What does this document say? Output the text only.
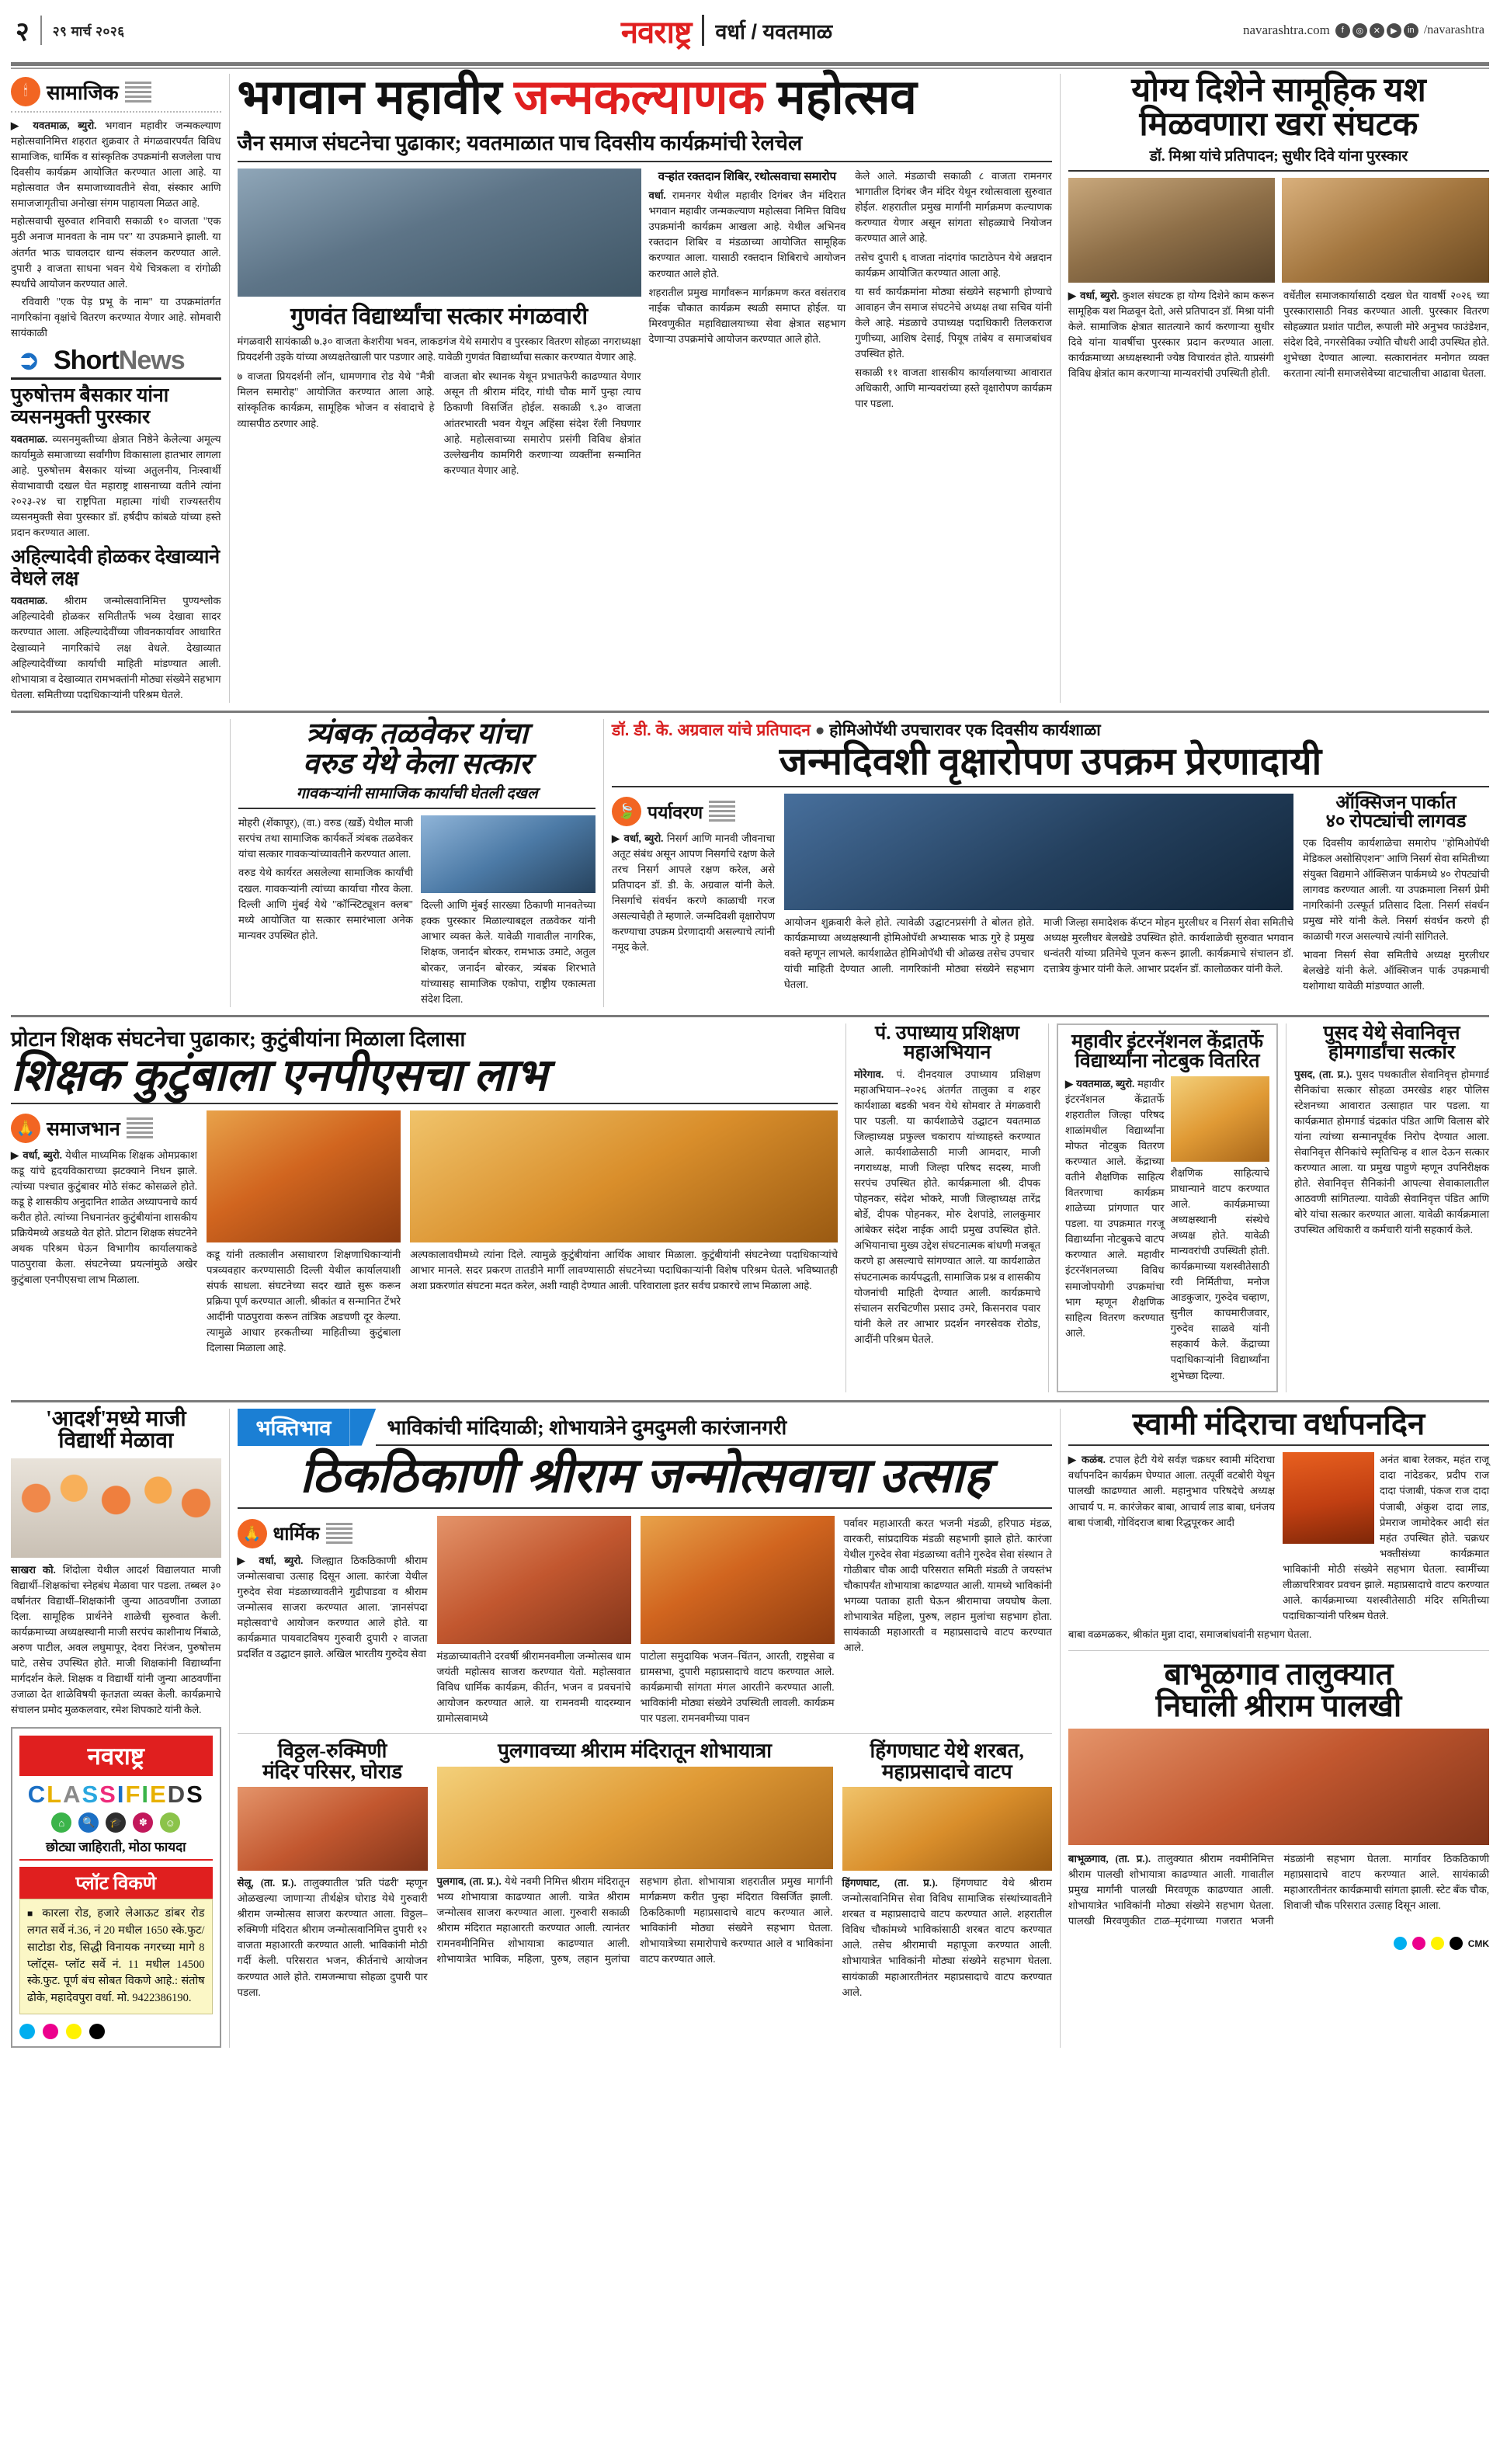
२ २९ मार्च २०२६	नवराष्ट्र वर्धा / यवतमाळ	navarashtra.com	f	◎	✕	▶	in /navarashtra
🕯 सामाजिक

▶ यवतमाळ, ब्युरो. भगवान महावीर जन्मकल्याण महोत्सवानिमित्त शहरात शुक्रवार ते मंगळवारपर्यंत विविध सामाजिक, धार्मिक व सांस्कृतिक उपक्रमांनी सजलेला पाच दिवसीय कार्यक्रम आयोजित करण्यात आला आहे. या महोत्सवात जैन समाजाच्यावतीने सेवा, संस्कार आणि समाजजागृतीचा अनोखा संगम पाहायला मिळत आहे.

महोत्सवाची सुरुवात शनिवारी सकाळी १० वाजता "एक मुठी अनाज मानवता के नाम पर" या उपक्रमाने झाली. या अंतर्गत भाऊ चावलदार धान्य संकलन करण्यात आले. दुपारी ३ वाजता साधना भवन येथे चित्रकला व रांगोळी स्पर्धांचे आयोजन करण्यात आले.

रविवारी "एक पेड़ प्रभू के नाम" या उपक्रमांतर्गत नागरिकांना वृक्षांचे वितरण करण्यात येणार आहे. सोमवारी सायंकाळी

➲ ShortNews
पुरुषोत्तम बैसकार यांना व्यसनमुक्ती पुरस्कार

यवतमाळ. व्यसनमुक्तीच्या क्षेत्रात निष्ठेने केलेल्या अमूल्य कार्यामुळे समाजाच्या सर्वांगीण विकासाला हातभार लागला आहे. पुरुषोत्तम बैसकार यांच्या अतुलनीय, निःस्वार्थी सेवाभावाची दखल घेत महाराष्ट्र शासनाच्या वतीने त्यांना २०२३-२४ चा राष्ट्रपिता महात्मा गांधी राज्यस्तरीय व्यसनमुक्ती सेवा पुरस्कार डॉ. हर्षदीप कांबळे यांच्या हस्ते प्रदान करण्यात आला.

अहिल्यादेवी होळकर देखाव्याने वेधले लक्ष

यवतमाळ. श्रीराम जन्मोत्सवानिमित्त पुण्यश्लोक अहिल्यादेवी होळकर समितीतर्फे भव्य देखावा सादर करण्यात आला. अहिल्यादेवींच्या जीवनकार्यावर आधारित देखाव्याने नागरिकांचे लक्ष वेधले. देखाव्यात अहिल्यादेवींच्या कार्याची माहिती मांडण्यात आली. शोभायात्रा व देखाव्यात रामभक्तांनी मोठ्या संख्येने सहभाग घेतला. समितीच्या पदाधिकाऱ्यांनी परिश्रम घेतले.

भगवान महावीर जन्मकल्याणक महोत्सव
जैन समाज संघटनेचा पुढाकार; यवतमाळात पाच दिवसीय कार्यक्रमांची रेलचेल
गुणवंत विद्यार्थ्यांचा सत्कार मंगळवारी

मंगळवारी सायंकाळी ७.३० वाजता केशरीया भवन, लाकडगंज येथे समारोप व पुरस्कार वितरण सोहळा नगराध्यक्षा प्रियदर्शनी उइके यांच्या अध्यक्षतेखाली पार पडणार आहे. यावेळी गुणवंत विद्यार्थ्यांचा सत्कार करण्यात येणार आहे.

७ वाजता प्रियदर्शनी लॉन, धामणगाव रोड येथे "मैत्री मिलन समारोह" आयोजित करण्यात आला आहे. सांस्कृतिक कार्यक्रम, सामूहिक भोजन व संवादाचे हे व्यासपीठ ठरणार आहे.

वाजता बोर स्थानक येथून प्रभातफेरी काढण्यात येणार असून ती श्रीराम मंदिर, गांधी चौक मार्गे पुन्हा त्याच ठिकाणी विसर्जित होईल. सकाळी ९.३० वाजता आंतरभारती भवन येथून अहिंसा संदेश रॅली निघणार आहे. महोत्सवाच्या समारोप प्रसंगी विविध क्षेत्रांत उल्लेखनीय कामगिरी करणाऱ्या व्यक्तींना सन्मानित करण्यात येणार आहे.

वऱ्हांत रक्तदान शिबिर, रथोत्सवाचा समारोप

वर्धा. रामनगर येथील महावीर दिगंबर जैन मंदिरात भगवान महावीर जन्मकल्याण महोत्सवा निमित्त विविध उपक्रमांनी कार्यक्रम आखला आहे. येथील अभिनव रक्तदान शिबिर व मंडळाच्या आयोजित सामूहिक करण्यात आला. यासाठी रक्तदान शिबिराचे आयोजन करण्यात आले होते.

शहरातील प्रमुख मार्गांवरून मार्गक्रमण करत वसंतराव नाईक चौकात कार्यक्रम स्थळी समाप्त होईल. या मिरवणुकीत महाविद्यालयाच्या सेवा क्षेत्रात सहभाग देणाऱ्या उपक्रमांचे आयोजन करण्यात आले होते.

केले आले. मंडळाची सकाळी ८ वाजता रामनगर भागातील दिगंबर जैन मंदिर येथून रथोत्सवाला सुरुवात होईल. शहरातील प्रमुख मार्गांनी मार्गक्रमण कल्याणक करण्यात येणार असून सांगता सोहळ्याचे नियोजन करण्यात आले आहे.

तसेच दुपारी ६ वाजता नांदगांव फाटाठेपन येथे अन्नदान कार्यक्रम आयोजित करण्यात आला आहे.

या सर्व कार्यक्रमांना मोठ्या संख्येने सहभागी होण्याचे आवाहन जैन समाज संघटनेचे अध्यक्ष तथा सचिव यांनी केले आहे. मंडळाचे उपाध्यक्ष पदाधिकारी तिलकराज गुणीच्या, आशिष देसाई, पियूष तांबेय व समाजबांधव उपस्थित होते.

सकाळी ११ वाजता शासकीय कार्यालयाच्या आवारात अधिकारी, आणि मान्यवरांच्या हस्ते वृक्षारोपण कार्यक्रम पार पडला.

योग्य दिशेने सामूहिक यश
मिळवणारा खरा संघटक
डॉ. मिश्रा यांचे प्रतिपादन; सुधीर दिवे यांना पुरस्कार

▶ वर्धा, ब्युरो. कुशल संघटक हा योग्य दिशेने काम करून सामूहिक यश मिळवून देतो, असे प्रतिपादन डॉ. मिश्रा यांनी केले. सामाजिक क्षेत्रात सातत्याने कार्य करणाऱ्या सुधीर दिवे यांना यावर्षीचा पुरस्कार प्रदान करण्यात आला. कार्यक्रमाच्या अध्यक्षस्थानी ज्येष्ठ विचारवंत होते. याप्रसंगी विविध क्षेत्रांत काम करणाऱ्या मान्यवरांची उपस्थिती होती.

वर्धेतील समाजकार्यासाठी दखल घेत यावर्षी २०२६ च्या पुरस्कारासाठी निवड करण्यात आली. पुरस्कार वितरण सोहळ्यात प्रशांत पाटील, रूपाली मोरे अनुभव फाउंडेशन, संदेश दिवे, नगरसेविका ज्योति चौधरी आदी उपस्थित होते. शुभेच्छा देण्यात आल्या. सत्कारानंतर मनोगत व्यक्त करताना त्यांनी समाजसेवेच्या वाटचालीचा आढावा घेतला.

त्र्यंबक तळवेकर यांचा
वरुड येथे केला सत्कार
गावकऱ्यांनी सामाजिक कार्याची घेतली दखल

मोहरी (शेंकापूर), (वा.) वरुड (खर्डे) येथील माजी सरपंच तथा सामाजिक कार्यकर्ते त्र्यंबक तळवेकर यांचा सत्कार गावकऱ्यांच्यावतीने करण्यात आला.

वरुड येथे कार्यरत असलेल्या सामाजिक कार्यांची दखल. गावकऱ्यांनी त्यांच्या कार्याचा गौरव केला. दिल्ली आणि मुंबई येथे "कॉन्स्टिट्यूशन क्लब" मध्ये आयोजित या सत्कार समारंभाला अनेक मान्यवर उपस्थित होते.

दिल्ली आणि मुंबई सारख्या ठिकाणी मानवतेच्या हक्क पुरस्कार मिळाल्याबद्दल तळवेकर यांनी आभार व्यक्त केले. यावेळी गावातील नागरिक, शिक्षक, जनार्दन बोरकर, रामभाऊ उमाटे, अतुल बोरकर, जनार्दन बोरकर, त्र्यंबक शिरभाते यांच्यासह सामाजिक एकोपा, राष्ट्रीय एकात्मता संदेश दिला.

डॉ. डी. के. अग्रवाल यांचे प्रतिपादन ● होमिओपॅथी उपचारावर एक दिवसीय कार्यशाळा
जन्मदिवशी वृक्षारोपण उपक्रम प्रेरणादायी
🍃 पर्यावरण

▶ वर्धा, ब्युरो. निसर्ग आणि मानवी जीवनाचा अतूट संबंध असून आपण निसर्गाचे रक्षण केले तरच निसर्ग आपले रक्षण करेल, असे प्रतिपादन डॉ. डी. के. अग्रवाल यांनी केले. निसर्गाचे संवर्धन करणे काळाची गरज असल्याचेही ते म्हणाले. जन्मदिवशी वृक्षारोपण करण्याचा उपक्रम प्रेरणादायी असल्याचे त्यांनी नमूद केले.

आयोजन शुक्रवारी केले होते. त्यावेळी उद्घाटनप्रसंगी ते बोलत होते. कार्यक्रमाच्या अध्यक्षस्थानी होमिओपॅथी अभ्यासक भाऊ गुरे हे प्रमुख वक्ते म्हणून लाभले. कार्यशाळेत होमिओपॅथी ची ओळख तसेच उपचार यांची माहिती देण्यात आली. नागरिकांनी मोठ्या संख्येने सहभाग घेतला.

माजी जिल्हा समादेशक कॅप्टन मोहन मुरलीधर व निसर्ग सेवा समितीचे अध्यक्ष मुरलीधर बेलखेडे उपस्थित होते. कार्यशाळेची सुरुवात भगवान धन्वंतरी यांच्या प्रतिमेचे पूजन करून झाली. कार्यक्रमाचे संचालन डॉ. दत्तात्रेय कुंभार यांनी केले. आभार प्रदर्शन डॉ. कालोळकर यांनी केले.

ऑक्सिजन पार्कात
४० रोपट्यांची लागवड

एक दिवसीय कार्यशाळेचा समारोप "होमिओपॅथी मेडिकल असोसिएशन" आणि निसर्ग सेवा समितीच्या संयुक्त विद्यमाने ऑक्सिजन पार्कमध्ये ४० रोपट्यांची लागवड करण्यात आली. या उपक्रमाला निसर्ग प्रेमी नागरिकांनी उत्स्फूर्त प्रतिसाद दिला. निसर्ग संवर्धन प्रमुख मोरे यांनी केले. निसर्ग संवर्धन करणे ही काळाची गरज असल्याचे त्यांनी सांगितले.

भावना निसर्ग सेवा समितीचे अध्यक्ष मुरलीधर बेलखेडे यांनी केले. ऑक्सिजन पार्क उपक्रमाची यशोगाथा यावेळी मांडण्यात आली.

प्रोटान शिक्षक संघटनेचा पुढाकार; कुटुंबीयांना मिळाला दिलासा
शिक्षक कुटुंबाला एनपीएसचा लाभ
🙏 समाजभान

▶ वर्धा, ब्युरो. येथील माध्यमिक शिक्षक ओमप्रकाश कडू यांचे हृदयविकाराच्या झटक्याने निधन झाले. त्यांच्या पश्चात कुटुंबावर मोठे संकट कोसळले होते. कडू हे शासकीय अनुदानित शाळेत अध्यापनाचे कार्य करीत होते. त्यांच्या निधनानंतर कुटुंबीयांना शासकीय प्रक्रियेमध्ये अडथळे येत होते. प्रोटान शिक्षक संघटनेने अथक परिश्रम घेऊन विभागीय कार्यालयाकडे पाठपुरावा केला. संघटनेच्या प्रयत्नांमुळे अखेर कुटुंबाला एनपीएसचा लाभ मिळाला.

कडू यांनी तत्कालीन असाधारण शिक्षणाधिकाऱ्यांनी पत्रव्यवहार करण्यासाठी दिल्ली येथील कार्यालयाशी संपर्क साधला. संघटनेच्या सदर खाते सुरू करून प्रक्रिया पूर्ण करण्यात आली. श्रीकांत व सन्मानित टेंभरे आदींनी पाठपुरावा करून तांत्रिक अडचणी दूर केल्या. त्यामुळे आधार हरकतीच्या माहितीच्या कुटुंबाला दिलासा मिळाला आहे.

अल्पकालावधीमध्ये त्यांना दिले. त्यामुळे कुटुंबीयांना आर्थिक आधार मिळाला. कुटुंबीयांनी संघटनेच्या पदाधिकाऱ्यांचे आभार मानले. सदर प्रकरण तातडीने मार्गी लावण्यासाठी संघटनेच्या पदाधिकाऱ्यांनी विशेष परिश्रम घेतले. भविष्यातही अशा प्रकरणांत संघटना मदत करेल, अशी ग्वाही देण्यात आली. परिवाराला इतर सर्वच प्रकारचे लाभ मिळाला आहे.

पं. उपाध्याय प्रशिक्षण
महाअभियान

मोरेगाव. पं. दीनदयाल उपाध्याय प्रशिक्षण महाअभियान–२०२६ अंतर्गत तालुका व शहर कार्यशाळा बडकी भवन येथे सोमवार ते मंगळवारी पार पडली. या कार्यशाळेचे उद्घाटन यवतमाळ जिल्हाध्यक्ष प्रफुल्ल चकाराप यांच्याहस्ते करण्यात आले. कार्यशाळेसाठी माजी आमदार, माजी नगराध्यक्ष, माजी जिल्हा परिषद सदस्य, माजी सरपंच उपस्थित होते. कार्यक्रमाला श्री. दीपक पोहनकर, संदेश भोकरे, माजी जिल्हाध्यक्ष तारेंद्र बोर्डे, दीपक पोहनकर, मोरु देशपांडे, लालकुमार आंबेकर संदेश नाईक आदी प्रमुख उपस्थित होते. अभियानाचा मुख्य उद्देश संघटनात्मक बांधणी मजबूत करणे हा असल्याचे सांगण्यात आले. या कार्यशाळेत संघटनात्मक कार्यपद्धती, सामाजिक प्रश्न व शासकीय योजनांची माहिती देण्यात आली. कार्यक्रमाचे संचालन सरचिटणीस प्रसाद उमरे, किसनराव पवार यांनी केले तर आभार प्रदर्शन नगरसेवक रोठोड, आदींनी परिश्रम घेतले.

महावीर इंटरनॅशनल केंद्रातर्फे
विद्यार्थ्यांना नोटबुक वितरित

▶ यवतमाळ, ब्युरो. महावीर इंटरनॅशनल केंद्रातर्फे शहरातील जिल्हा परिषद शाळांमधील विद्यार्थ्यांना मोफत नोटबुक वितरण करण्यात आले. केंद्राच्या वतीने शैक्षणिक साहित्य वितरणाचा कार्यक्रम शाळेच्या प्रांगणात पार पडला. या उपक्रमात गरजू विद्यार्थ्यांना नोटबुकचे वाटप करण्यात आले. महावीर इंटरनॅशनलच्या विविध समाजोपयोगी उपक्रमांचा भाग म्हणून शैक्षणिक साहित्य वितरण करण्यात आले.

शैक्षणिक साहित्याचे प्राधान्याने वाटप करण्यात आले. कार्यक्रमाच्या अध्यक्षस्थानी संस्थेचे अध्यक्ष होते. यावेळी मान्यवरांची उपस्थिती होती. कार्यक्रमाच्या यशस्वीतेसाठी रवी निर्मितीचा, मनोज आडकुजार, गुरुदेव चव्हाण, सुनील काचमारीजवार, गुरुदेव साळवे यांनी सहकार्य केले. केंद्राच्या पदाधिकाऱ्यांनी विद्यार्थ्यांना शुभेच्छा दिल्या.

पुसद येथे सेवानिवृत्त
होमगार्डांचा सत्कार

पुसद, (ता. प्र.). पुसद पथकातील सेवानिवृत्त होमगार्ड सैनिकांचा सत्कार सोहळा उमरखेड शहर पोलिस स्टेशनच्या आवारात उत्साहात पार पडला. या कार्यक्रमात होमगार्ड चंद्रकांत पंडित आणि विलास बोरे यांना त्यांच्या सन्मानपूर्वक निरोप देण्यात आला. सेवानिवृत्त सैनिकांचे स्मृतिचिन्ह व शाल देऊन सत्कार करण्यात आला. या प्रमुख पाहुणे म्हणून उपनिरीक्षक होते. सेवानिवृत्त सैनिकांनी आपल्या सेवाकालातील आठवणी सांगितल्या. यावेळी सेवानिवृत्त पंडित आणि बोरे यांचा सत्कार करण्यात आला. यावेळी कार्यक्रमाला उपस्थित अधिकारी व कर्मचारी यांनी सहकार्य केले.

'आदर्श'मध्ये माजी
विद्यार्थी मेळावा

साखरा को. शिंदोला येथील आदर्श विद्यालयात माजी विद्यार्थी–शिक्षकांचा स्नेहबंध मेळावा पार पडला. तब्बल ३० वर्षांनंतर विद्यार्थी–शिक्षकांनी जुन्या आठवणींना उजाळा दिला. सामूहिक प्रार्थनेने शाळेची सुरुवात केली. कार्यक्रमाच्या अध्यक्षस्थानी माजी सरपंच काशीनाथ निंबाळे, अरुण पाटील, अवल लघुमापूर, देवरा निरंजन, पुरुषोत्तम घाटे, तसेच उपस्थित होते. माजी शिक्षकांनी विद्यार्थ्यांना मार्गदर्शन केले. शिक्षक व विद्यार्थी यांनी जुन्या आठवणींना उजाळा देत शाळेविषयी कृतज्ञता व्यक्त केली. कार्यक्रमाचे संचालन प्रमोद मुळकलवार, रमेश शिपकाटे यांनी केले.

नवराष्ट्र
CLASSIFIEDS
⌂	🔍	🎓	✽	☺
छोट्या जाहिराती, मोठा फायदा
प्लॉट विकणे
■ कारला रोड, हजारे लेआऊट डांबर रोड लगत सर्वे नं.36, नं 20 मधील 1650 स्के.फुट/ साटोडा रोड, सिद्धी विनायक नगरच्या मागे 8 प्लॉट्स- प्लॉट सर्वे नं. 11 मधील 14500 स्के.फुट. पूर्ण बंच सोबत विकणे आहे.: संतोष ढोके, महादेवपुरा वर्धा. मो. 9422386190.
भक्तिभाव	भाविकांची मांदियाळी; शोभायात्रेने दुमदुमली कारंजानगरी
ठिकठिकाणी श्रीराम जन्मोत्सवाचा उत्साह
🙏 धार्मिक

▶ वर्धा, ब्युरो. जिल्ह्यात ठिकठिकाणी श्रीराम जन्मोत्सवाचा उत्साह दिसून आला. कारंजा येथील गुरुदेव सेवा मंडळाच्यावतीने गुढीपाडवा व श्रीराम जन्मोत्सव साजरा करण्यात आला. 'ज्ञानसंपदा महोत्सवा'चे आयोजन करण्यात आले होते. या कार्यक्रमात पायवाटविषय गुरुवारी दुपारी २ वाजता प्रदर्शित व उद्घाटन झाले. अखिल भारतीय गुरुदेव सेवा मंडळाच्यावतीने दरवर्षी श्रीरामनवमीला जन्मोत्सव धाम जयंती महोत्सव साजरा करण्यात येतो. महोत्सवात विविध धार्मिक कार्यक्रम, कीर्तन, भजन व प्रवचनांचे आयोजन करण्यात आले. या रामनवमी यादरम्यान ग्रामोत्सवामध्ये

पाटोला समुदायिक भजन–चिंतन, आरती, राष्ट्रसेवा व ग्रामसभा, दुपारी महाप्रसादाचे वाटप करण्यात आले. कार्यक्रमाची सांगता मंगल आरतीने करण्यात आली. भाविकांनी मोठ्या संख्येने उपस्थिती लावली. कार्यक्रम पार पडला. रामनवमीच्या पावन

पर्वावर महाआरती करत भजनी मंडळी, हरिपाठ मंडळ, वारकरी, सांप्रदायिक मंडळी सहभागी झाले होते. कारंजा येथील गुरुदेव सेवा मंडळाच्या वतीने गुरुदेव सेवा संस्थान ते गोळीबार चौक आदी परिसरात समिती मंडळी ते जयस्तंभ चौकापर्यंत शोभायात्रा काढण्यात आली. यामध्ये भाविकांनी भगव्या पताका हाती घेऊन श्रीरामाचा जयघोष केला. शोभायात्रेत महिला, पुरुष, लहान मुलांचा सहभाग होता. सायंकाळी महाआरती व महाप्रसादाचे वाटप करण्यात आले.

विठ्ठल-रुक्मिणी
मंदिर परिसर, घोराड

सेलू, (ता. प्र.). तालुक्यातील 'प्रति पंढरी' म्हणून ओळखल्या जाणाऱ्या तीर्थक्षेत्र घोराड येथे गुरुवारी श्रीराम जन्मोत्सव साजरा करण्यात आला. विठ्ठल–रुक्मिणी मंदिरात श्रीराम जन्मोत्सवानिमित्त दुपारी १२ वाजता महाआरती करण्यात आली. भाविकांनी मोठी गर्दी केली. परिसरात भजन, कीर्तनाचे आयोजन करण्यात आले होते. रामजन्माचा सोहळा दुपारी पार पडला.

पुलगावच्या श्रीराम मंदिरातून शोभायात्रा

पुलगाव, (ता. प्र.). येथे नवमी निमित्त श्रीराम मंदिरातून भव्य शोभायात्रा काढण्यात आली. यात्रेत श्रीराम जन्मोत्सव साजरा करण्यात आला. गुरुवारी सकाळी श्रीराम मंदिरात महाआरती करण्यात आली. त्यानंतर रामनवमीनिमित्त शोभायात्रा काढण्यात आली. शोभायात्रेत भाविक, महिला, पुरुष, लहान मुलांचा सहभाग होता. शोभायात्रा शहरातील प्रमुख मार्गांनी मार्गक्रमण करीत पुन्हा मंदिरात विसर्जित झाली. ठिकठिकाणी महाप्रसादाचे वाटप करण्यात आले. भाविकांनी मोठ्या संख्येने सहभाग घेतला. शोभायात्रेच्या समारोपाचे करण्यात आले व भाविकांना वाटप करण्यात आले.

हिंगणघाट येथे शरबत,
महाप्रसादाचे वाटप

हिंगणघाट, (ता. प्र.). हिंगणघाट येथे श्रीराम जन्मोत्सवानिमित्त सेवा विविध सामाजिक संस्थांच्यावतीने शरबत व महाप्रसादाचे वाटप करण्यात आले. शहरातील विविध चौकांमध्ये भाविकांसाठी शरबत वाटप करण्यात आले. तसेच श्रीरामाची महापूजा करण्यात आली. शोभायात्रेत भाविकांनी मोठ्या संख्येने सहभाग घेतला. सायंकाळी महाआरतीनंतर महाप्रसादाचे वाटप करण्यात आले.

स्वामी मंदिराचा वर्धापनदिन

▶ कळंब. टपाल हेटी येथे सर्वज्ञ चक्रधर स्वामी मंदिराचा वर्धापनदिन कार्यक्रम घेण्यात आला. तत्पूर्वी वटबोरी येथून पालखी काढण्यात आली. महानुभाव परिषदेचे अध्यक्ष आचार्य प. म. कारंजेकर बाबा, आचार्य लाड बाबा, धनंजय बाबा पंजाबी, गोविंदराज बाबा रिद्धपूरकर आदी

अनंत बाबा रेलकर, महंत राजू दादा नांदेडकर, प्रदीप राज दादा पंजाबी, पंकज राज दादा पंजाबी, अंकुश दादा लाड, प्रेमराज जामोदेकर आदी संत महंत उपस्थित होते. चक्रधर भक्तीसंध्या कार्यक्रमात भाविकांनी मोठी संख्येने सहभाग घेतला. स्वामींच्या लीळाचरित्रावर प्रवचन झाले. महाप्रसादाचे वाटप करण्यात आले. कार्यक्रमाच्या यशस्वीतेसाठी मंदिर समितीच्या पदाधिकाऱ्यांनी परिश्रम घेतले.

बाबा वळमळकर, श्रीकांत मुन्ना दादा, समाजबांधवांनी सहभाग घेतला.

बाभूळगाव तालुक्यात
निघाली श्रीराम पालखी

बाभूळगाव, (ता. प्र.). तालुक्यात श्रीराम नवमीनिमित्त श्रीराम पालखी शोभायात्रा काढण्यात आली. गावातील प्रमुख मार्गांनी पालखी मिरवणूक काढण्यात आली. शोभायात्रेत भाविकांनी मोठ्या संख्येने सहभाग घेतला. पालखी मिरवणुकीत टाळ–मृदंगाच्या गजरात भजनी मंडळांनी सहभाग घेतला. मार्गावर ठिकठिकाणी महाप्रसादाचे वाटप करण्यात आले. सायंकाळी महाआरतीनंतर कार्यक्रमाची सांगता झाली. स्टेट बँक चौक, शिवाजी चौक परिसरात उत्साह दिसून आला.

CMK
